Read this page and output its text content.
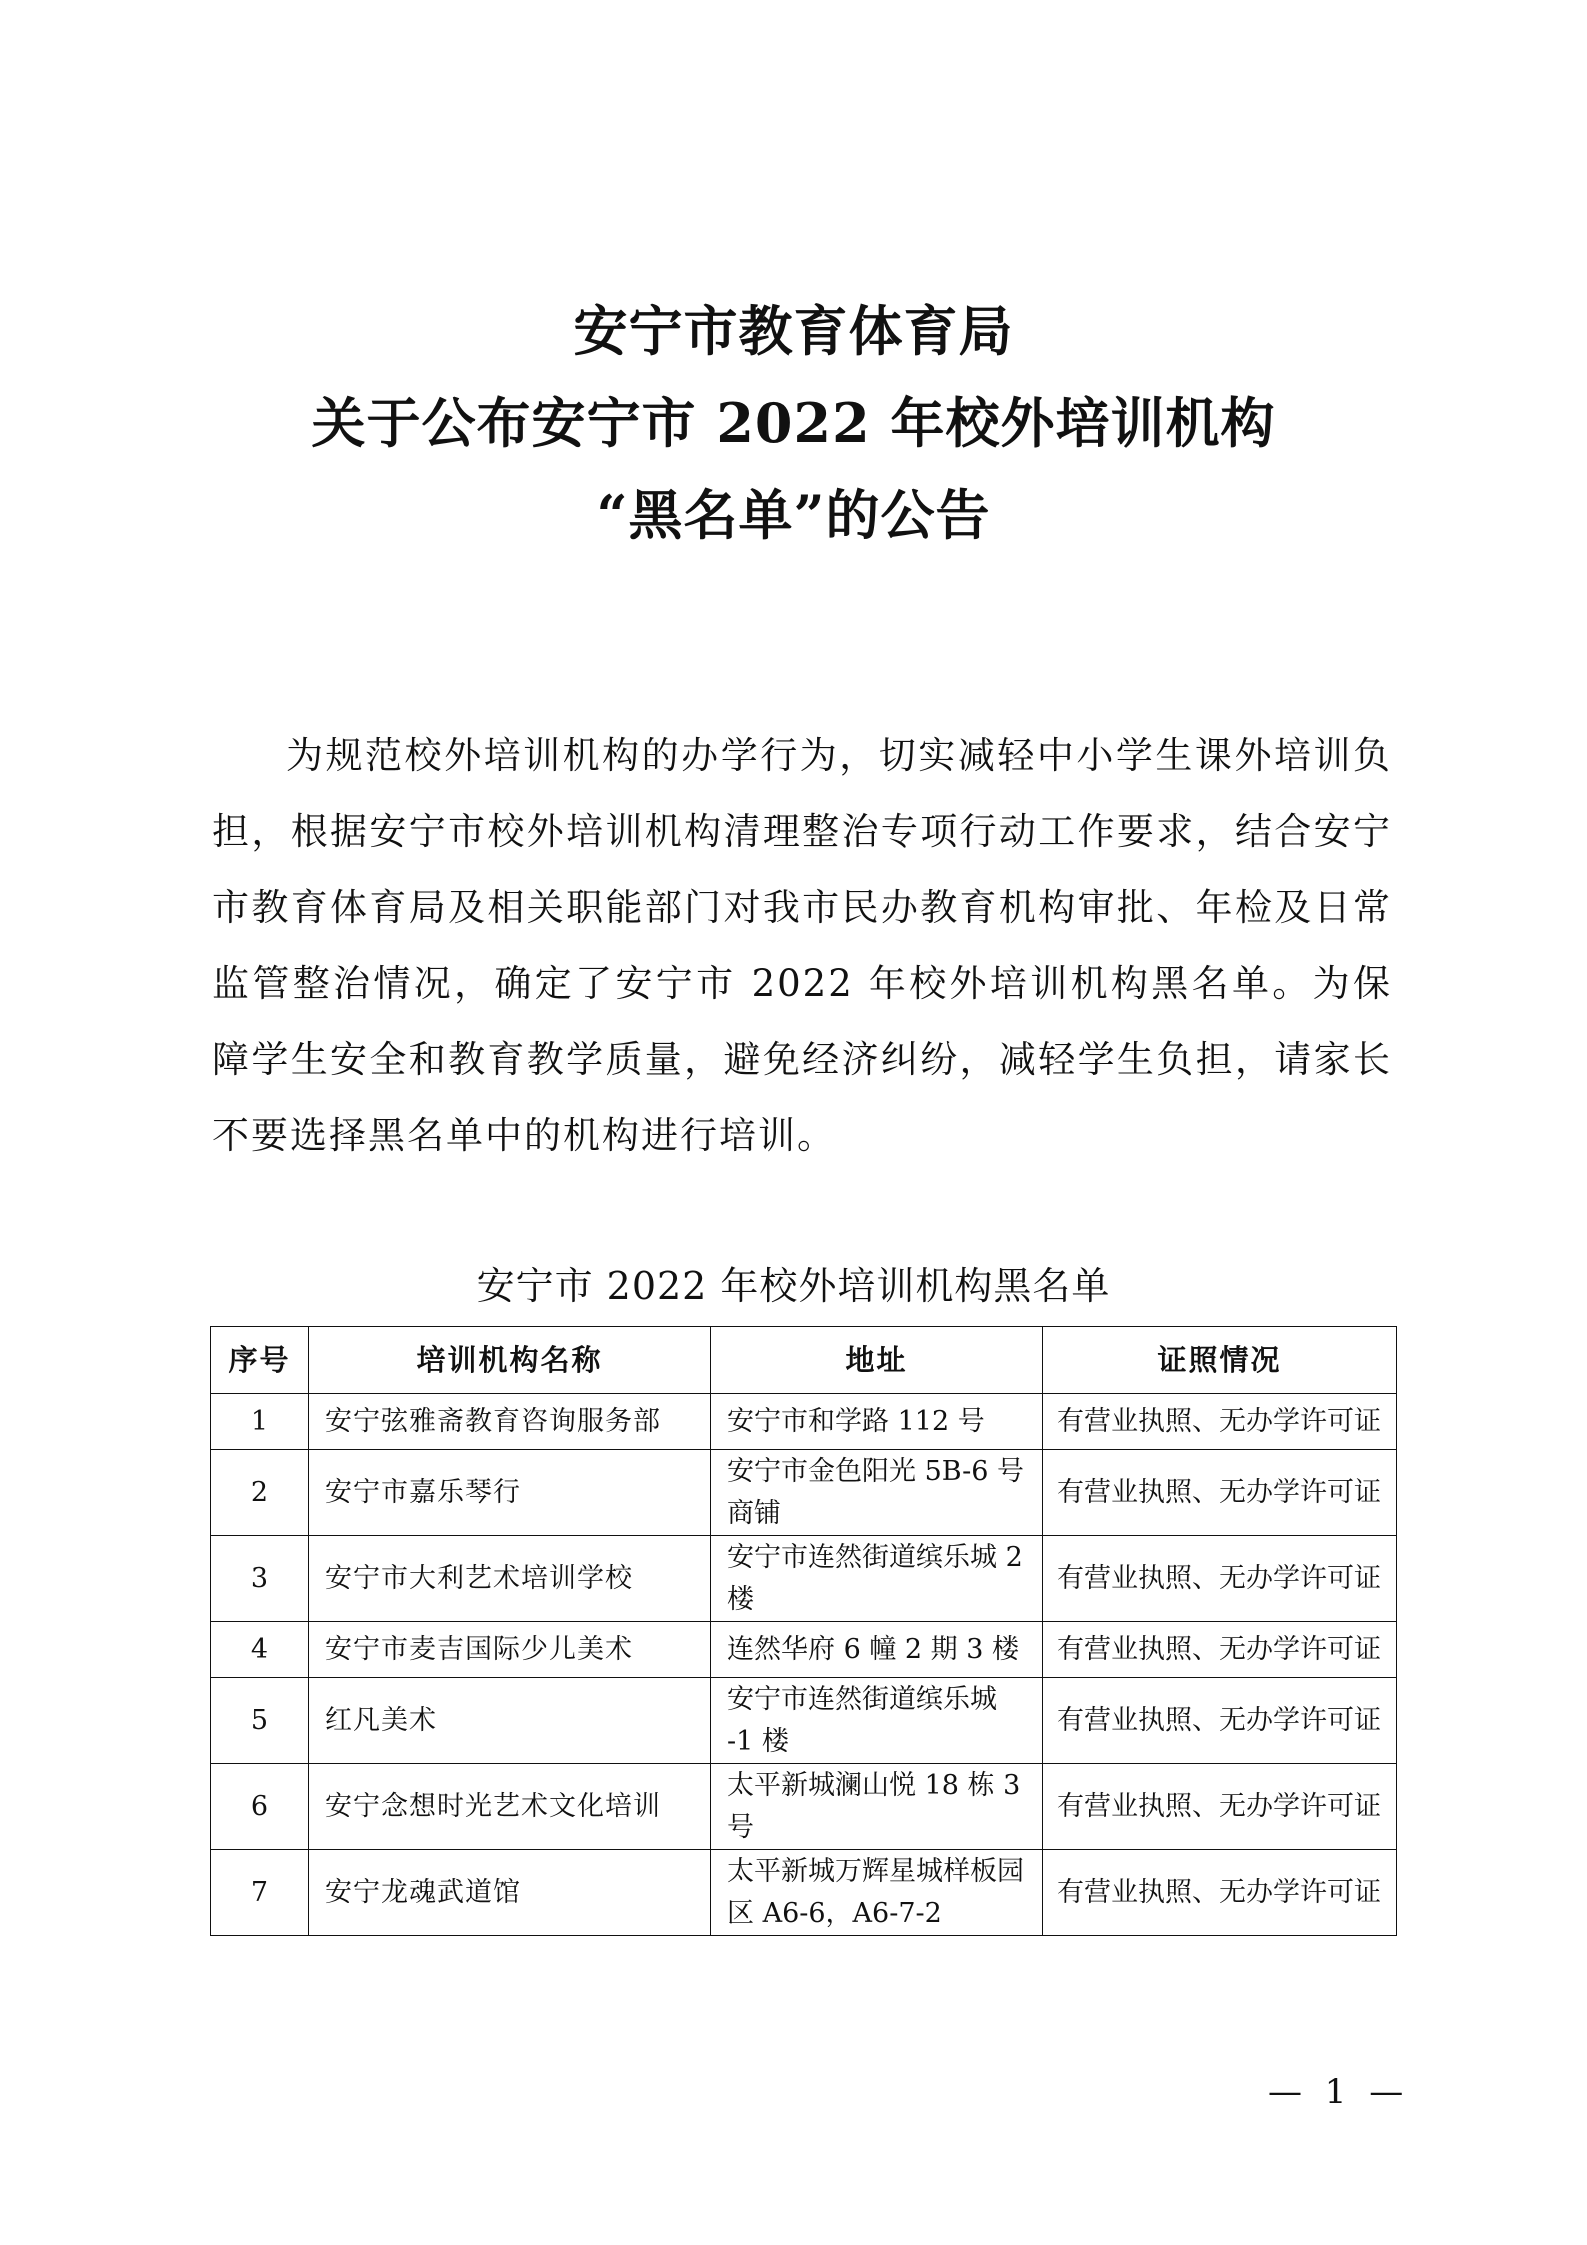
安宁市教育体育局
关于公布安宁市 2022 年校外培训机构
“黑名单”的公告

为规范校外培训机构的办学行为，切实减轻中小学生课外培训负担，根据安宁市校外培训机构清理整治专项行动工作要求，结合安宁市教育体育局及相关职能部门对我市民办教育机构审批、年检及日常监管整治情况，确定了安宁市 2022 年校外培训机构黑名单。为保障学生安全和教育教学质量，避免经济纠纷，减轻学生负担，请家长不要选择黑名单中的机构进行培训。

安宁市 2022 年校外培训机构黑名单
序号	培训机构名称	地址	证照情况
1	安宁弦雅斋教育咨询服务部	安宁市和学路 112 号	有营业执照、无办学许可证
2	安宁市嘉乐琴行	安宁市金色阳光 5B-6 号商铺	有营业执照、无办学许可证
3	安宁市大利艺术培训学校	安宁市连然街道缤乐城 2 楼	有营业执照、无办学许可证
4	安宁市麦吉国际少儿美术	连然华府 6 幢 2 期 3 楼	有营业执照、无办学许可证
5	红凡美术	安宁市连然街道缤乐城 -1 楼	有营业执照、无办学许可证
6	安宁念想时光艺术文化培训	太平新城澜山悦 18 栋 3 号	有营业执照、无办学许可证
7	安宁龙魂武道馆	太平新城万辉星城样板园区 A6-6，A6-7-2	有营业执照、无办学许可证
— 1 —
